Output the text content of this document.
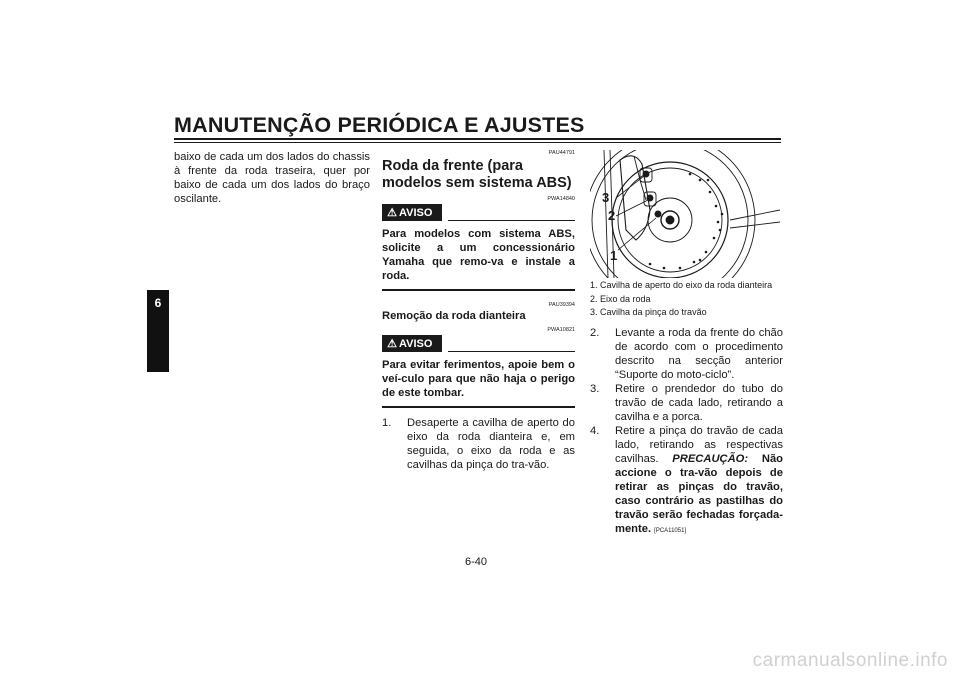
MANUTENÇÃO PERIÓDICA E AJUSTES
6
baixo de cada um dos lados do chassis à frente da roda traseira, quer por baixo de cada um dos lados do braço oscilante.
PAU44791
Roda da frente (para modelos sem sistema ABS)
PWA14840
⚠ AVISO
Para modelos com sistema ABS, solicite a um concessionário Yamaha que remo-va e instale a roda.
PAU39394
Remoção da roda dianteira
PWA10821
⚠ AVISO
Para evitar ferimentos, apoie bem o veí-culo para que não haja o perigo de este tombar.
1. Desaperte a cavilha de aperto do eixo da roda dianteira e, em seguida, o eixo da roda e as cavilhas da pinça do tra-vão.
3
2
1
1. Cavilha de aperto do eixo da roda dianteira
2. Eixo da roda
3. Cavilha da pinça do travão
2. Levante a roda da frente do chão de acordo com o procedimento descrito na secção anterior “Suporte do moto-ciclo”.
3. Retire o prendedor do tubo do travão de cada lado, retirando a cavilha e a porca.
4. Retire a pinça do travão de cada lado, retirando as respectivas cavilhas. PRECAUÇÃO: Não accione o tra-vão depois de retirar as pinças do travão, caso contrário as pastilhas do travão serão fechadas forçada-mente. [PCA11051]
6-40
carmanualsonline.info
